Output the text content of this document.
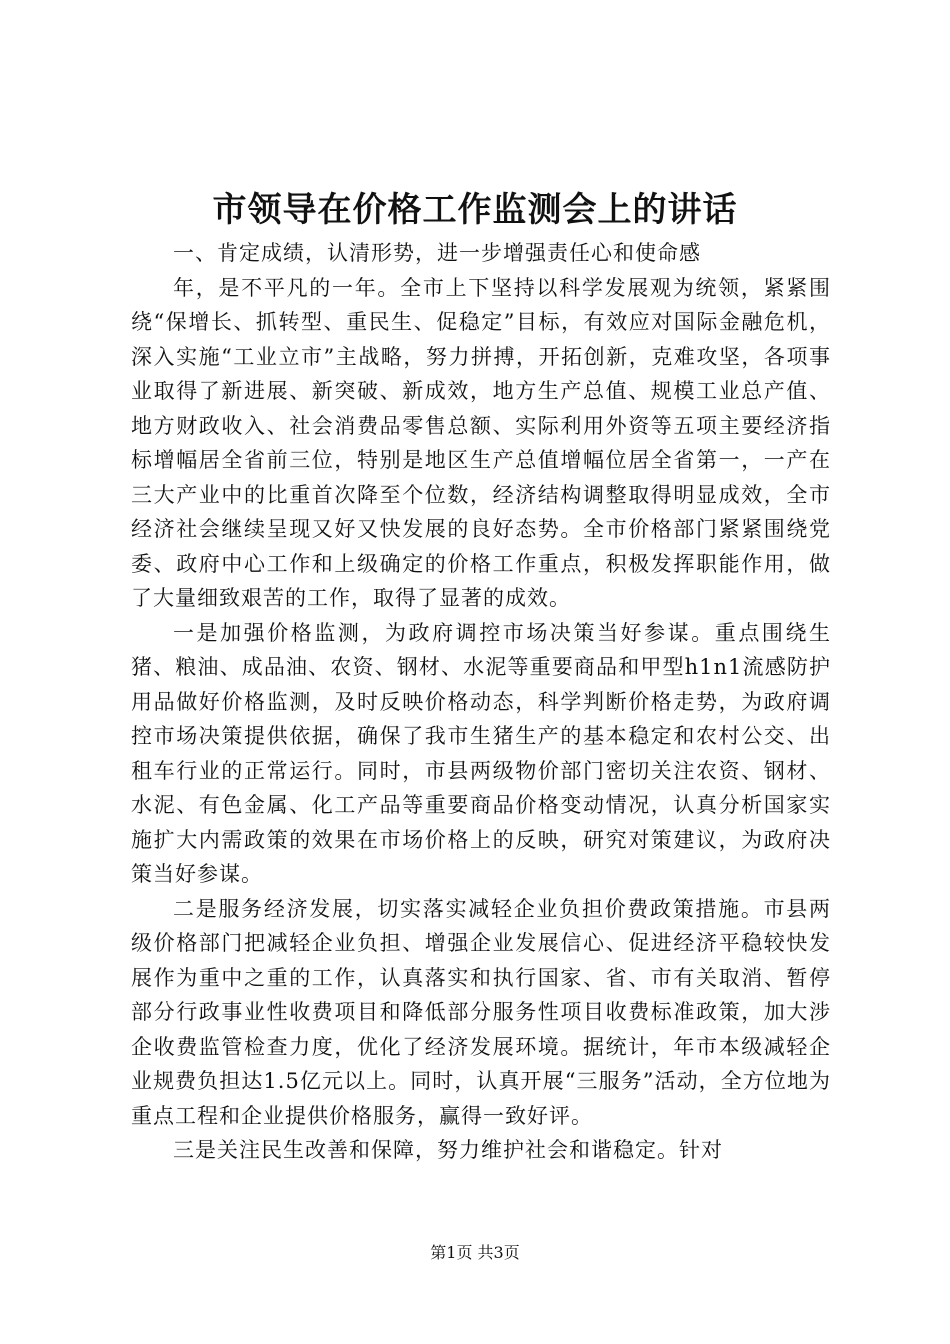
市领导在价格工作监测会上的讲话

一、肯定成绩，认清形势，进一步增强责任心和使命感

年，是不平凡的一年。全市上下坚持以科学发展观为统领，紧紧围绕“保增长、抓转型、重民生、促稳定”目标，有效应对国际金融危机，深入实施“工业立市”主战略，努力拼搏，开拓创新，克难攻坚，各项事业取得了新进展、新突破、新成效，地方生产总值、规模工业总产值、地方财政收入、社会消费品零售总额、实际利用外资等五项主要经济指标增幅居全省前三位，特别是地区生产总值增幅位居全省第一，一产在三大产业中的比重首次降至个位数，经济结构调整取得明显成效，全市经济社会继续呈现又好又快发展的良好态势。全市价格部门紧紧围绕党委、政府中心工作和上级确定的价格工作重点，积极发挥职能作用，做了大量细致艰苦的工作，取得了显著的成效。

一是加强价格监测，为政府调控市场决策当好参谋。重点围绕生猪、粮油、成品油、农资、钢材、水泥等重要商品和甲型h1n1流感防护用品做好价格监测，及时反映价格动态，科学判断价格走势，为政府调控市场决策提供依据，确保了我市生猪生产的基本稳定和农村公交、出租车行业的正常运行。同时，市县两级物价部门密切关注农资、钢材、水泥、有色金属、化工产品等重要商品价格变动情况，认真分析国家实施扩大内需政策的效果在市场价格上的反映，研究对策建议，为政府决策当好参谋。

二是服务经济发展，切实落实减轻企业负担价费政策措施。市县两级价格部门把减轻企业负担、增强企业发展信心、促进经济平稳较快发展作为重中之重的工作，认真落实和执行国家、省、市有关取消、暂停部分行政事业性收费项目和降低部分服务性项目收费标准政策，加大涉企收费监管检查力度，优化了经济发展环境。据统计，年市本级减轻企业规费负担达1.5亿元以上。同时，认真开展“三服务”活动，全方位地为重点工程和企业提供价格服务，赢得一致好评。

三是关注民生改善和保障，努力维护社会和谐稳定。针对

第1页 共3页
